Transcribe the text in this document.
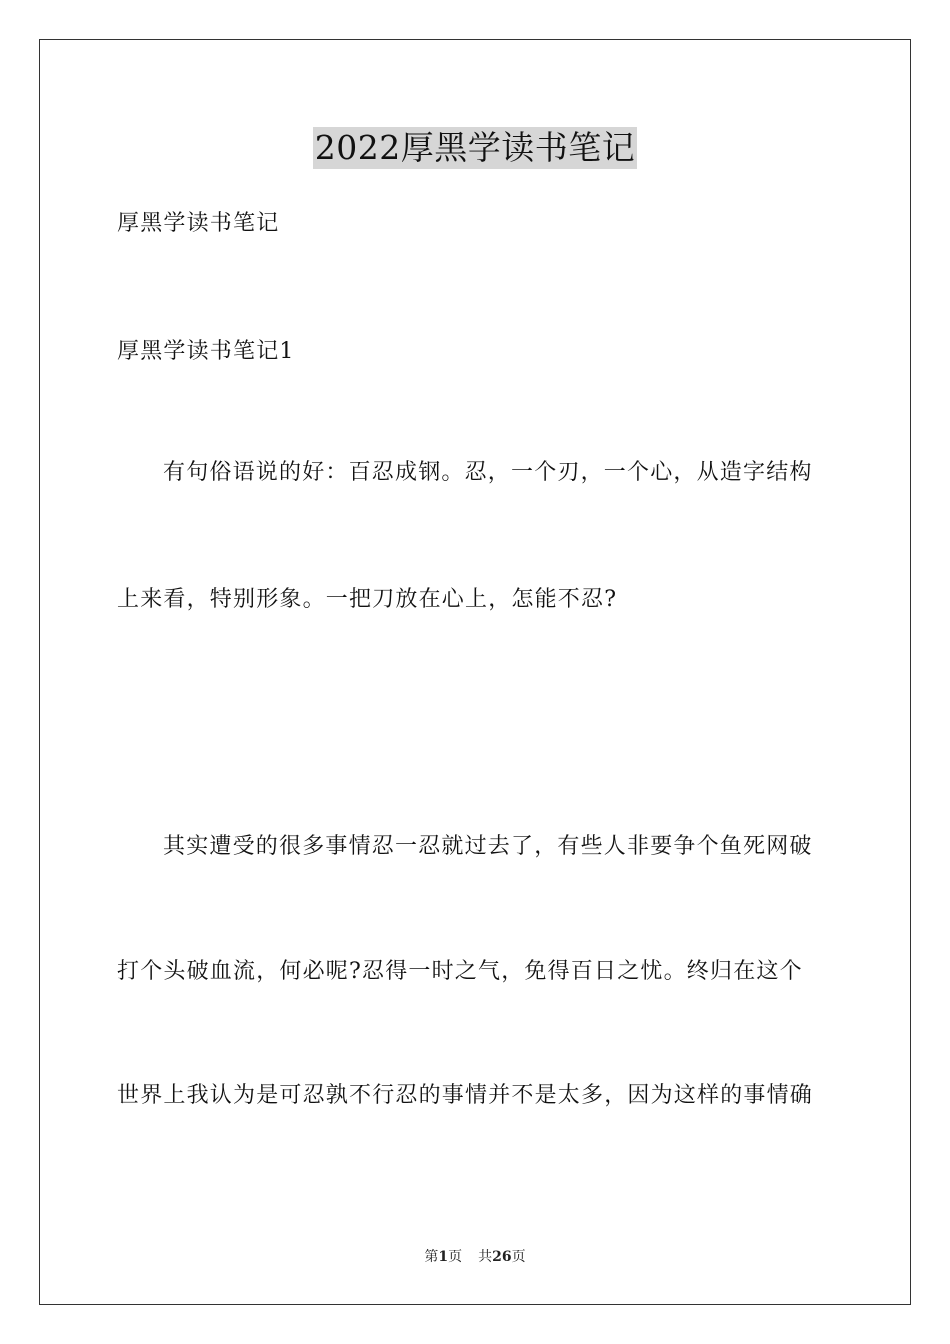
2022厚黑学读书笔记
厚黑学读书笔记
厚黑学读书笔记1
有句俗语说的好：百忍成钢。忍，一个刃，一个心，从造字结构
上来看，特别形象。一把刀放在心上，怎能不忍?
其实遭受的很多事情忍一忍就过去了，有些人非要争个鱼死网破
打个头破血流，何必呢?忍得一时之气，免得百日之忧。终归在这个
世界上我认为是可忍孰不行忍的事情并不是太多，因为这样的事情确
第1页 共26页
